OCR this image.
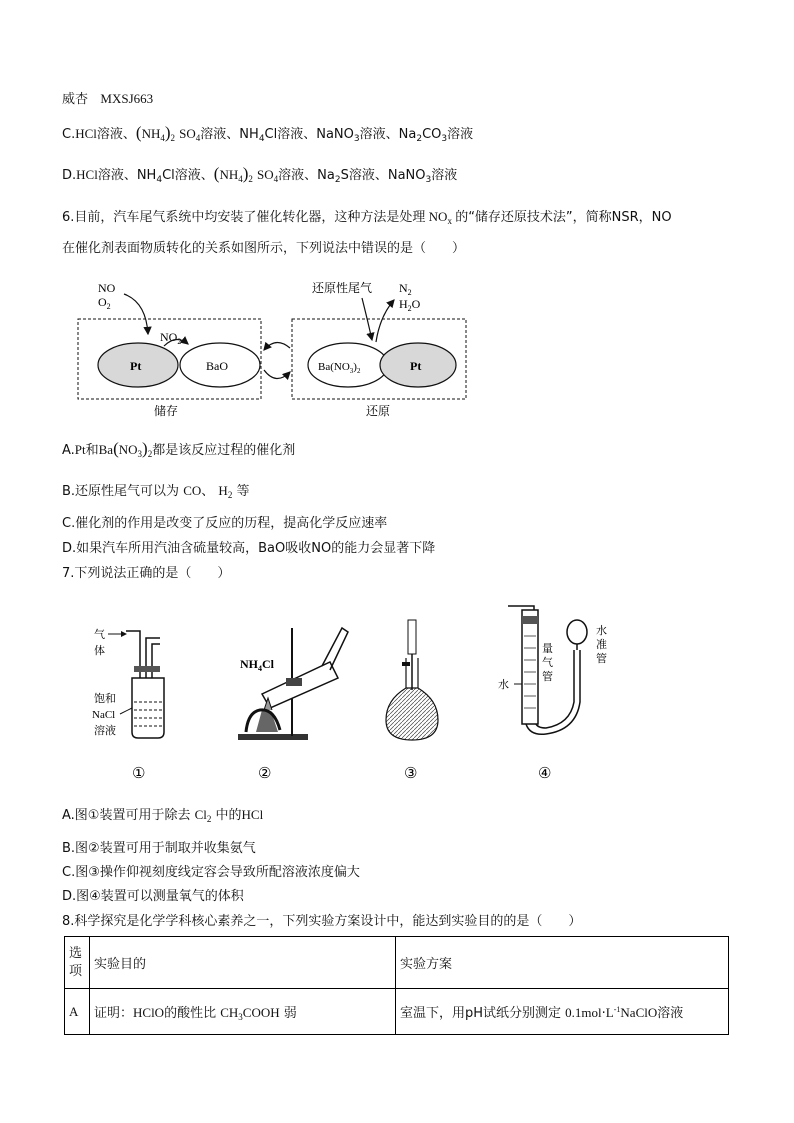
威杏 MXSJ663
C.HCl溶液、$(NH_4)_2$ $SO_4$溶液、$NH_4Cl$溶液、NaNO$_3$溶液、$Na_2CO_3$溶液
D.HCl溶液、$NH_4Cl$溶液、$(NH_4)_2$ $SO_4$溶液、$Na_2S$溶液、NaNO$_3$溶液
6.目前，汽车尾气系统中均安装了催化转化器，这种方法是处理 $NO_x$ 的“储存还原技术法”，简称NSR，NO
在催化剂表面物质转化的关系如图所示，下列说法中错误的是（　　）
NO
$O_2$
Pt	BaO
$NO_2$
还原性尾气 $N_2$
$H_2O$
$Ba(NO_3)_2$	Pt
储存	还原
A.Pt和$Ba(NO_3)_2$都是该反应过程的催化剂
B.还原性尾气可以为 CO、 $H_2$ 等
C.催化剂的作用是改变了反应的历程，提高化学反应速率
D.如果汽车所用汽油含硫量较高，BaO吸收NO的能力会显著下降
7.下列说法正确的是（　　）
气
体
饱和
NaCl
溶液
①
$NH_4Cl$
②	③
水
量
气
管
水
准
管
④
A.图①装置可用于除去 $Cl_2$ 中的HCl
B.图②装置可用于制取并收集氨气
C.图③操作仰视刻度线定容会导致所配溶液浓度偏大
D.图④装置可以测量氧气的体积
8.科学探究是化学学科核心素养之一，下列实验方案设计中，能达到实验目的的是（　　）
选
项	实验目的	实验方案
A	证明：HClO的酸性比 $CH_3COOH$ 弱	室温下，用pH试纸分别测定 $0.1mol\cdot L^{-1}NaClO$溶液
